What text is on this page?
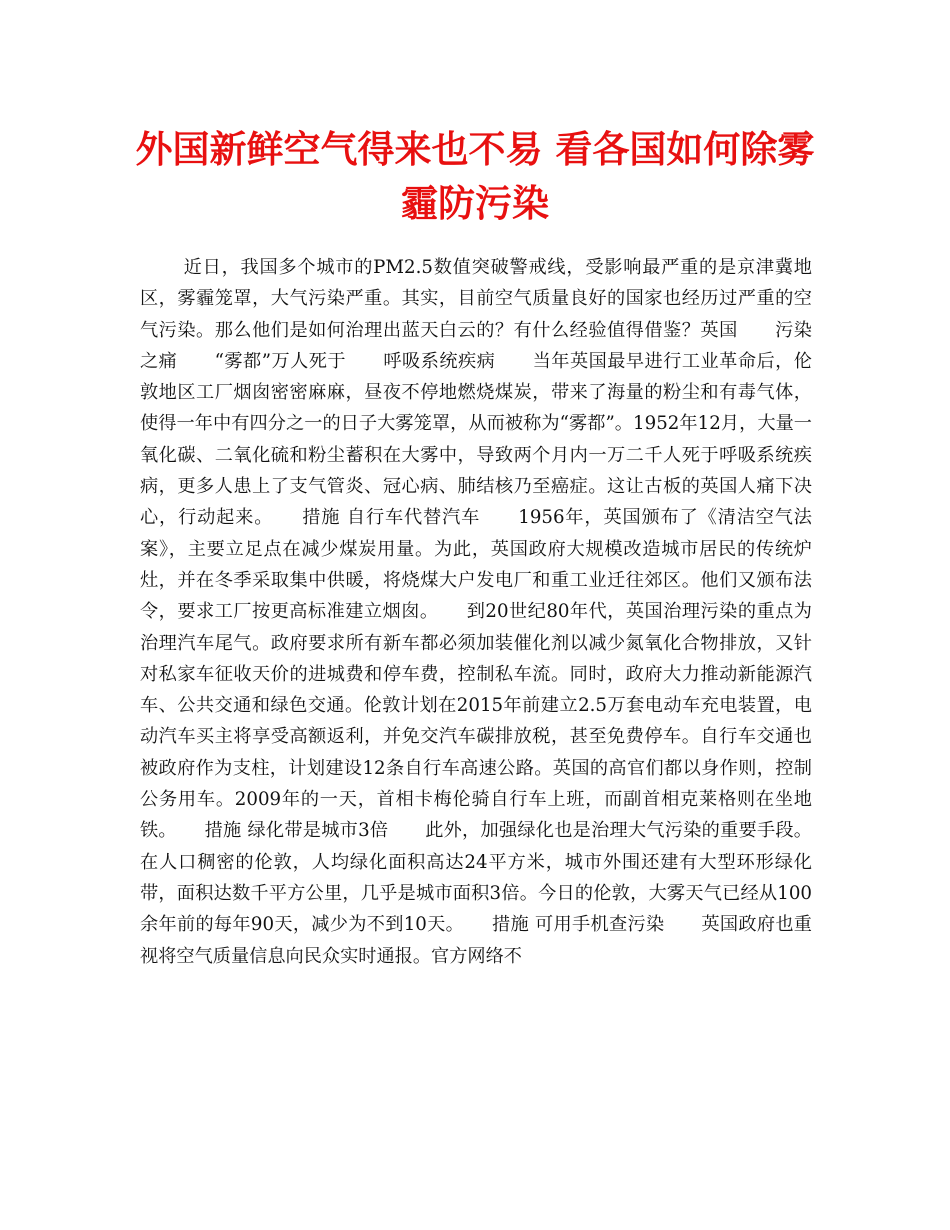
外国新鲜空气得来也不易 看各国如何除雾霾防污染

近日，我国多个城市的PM2.5数值突破警戒线，受影响最严重的是京津冀地区，雾霾笼罩，大气污染严重。其实，目前空气质量良好的国家也经历过严重的空气污染。那么他们是如何治理出蓝天白云的？有什么经验值得借鉴？英国　　污染之痛　　“雾都”万人死于　　呼吸系统疾病　　当年英国最早进行工业革命后，伦敦地区工厂烟囱密密麻麻，昼夜不停地燃烧煤炭，带来了海量的粉尘和有毒气体，使得一年中有四分之一的日子大雾笼罩，从而被称为“雾都”。1952年12月，大量一氧化碳、二氧化硫和粉尘蓄积在大雾中，导致两个月内一万二千人死于呼吸系统疾病，更多人患上了支气管炎、冠心病、肺结核乃至癌症。这让古板的英国人痛下决心，行动起来。　　措施 自行车代替汽车　　1956年，英国颁布了《清洁空气法案》，主要立足点在减少煤炭用量。为此，英国政府大规模改造城市居民的传统炉灶，并在冬季采取集中供暖，将烧煤大户发电厂和重工业迁往郊区。他们又颁布法令，要求工厂按更高标准建立烟囱。　　到20世纪80年代，英国治理污染的重点为治理汽车尾气。政府要求所有新车都必须加装催化剂以减少氮氧化合物排放，又针对私家车征收天价的进城费和停车费，控制私车流。同时，政府大力推动新能源汽车、公共交通和绿色交通。伦敦计划在2015年前建立2.5万套电动车充电装置，电动汽车买主将享受高额返利，并免交汽车碳排放税，甚至免费停车。自行车交通也被政府作为支柱，计划建设12条自行车高速公路。英国的高官们都以身作则，控制公务用车。2009年的一天，首相卡梅伦骑自行车上班，而副首相克莱格则在坐地铁。　　措施 绿化带是城市3倍　　此外，加强绿化也是治理大气污染的重要手段。在人口稠密的伦敦，人均绿化面积高达24平方米，城市外围还建有大型环形绿化带，面积达数千平方公里，几乎是城市面积3倍。今日的伦敦，大雾天气已经从100余年前的每年90天，减少为不到10天。　　措施 可用手机查污染　　英国政府也重视将空气质量信息向民众实时通报。官方网络不
